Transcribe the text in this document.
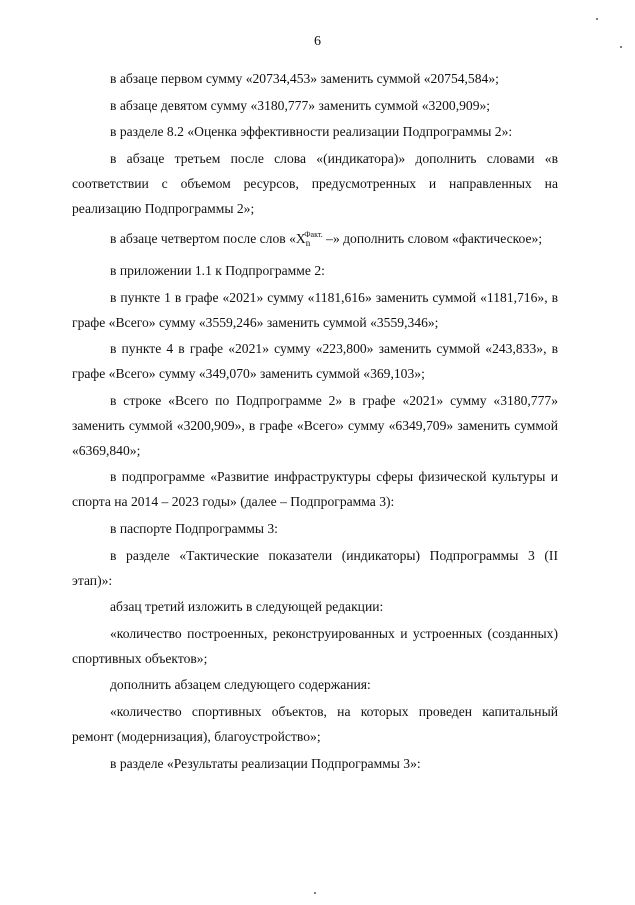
6

в абзаце первом сумму «20734,453» заменить суммой «20754,584»;

в абзаце девятом сумму «3180,777» заменить суммой «3200,909»;

в разделе 8.2 «Оценка эффективности реализации Подпрограммы 2»:

в абзаце третьем после слова «(индикатора)» дополнить словами «в соответствии с объемом ресурсов, предусмотренных и направленных на реализацию Подпрограммы 2»;

в абзаце четвертом после слов «$X_n^{Факт.}$ –» дополнить словом «фактическое»;

в приложении 1.1 к Подпрограмме 2:

в пункте 1 в графе «2021» сумму «1181,616» заменить суммой «1181,716», в графе «Всего» сумму «3559,246» заменить суммой «3559,346»;

в пункте 4 в графе «2021» сумму «223,800» заменить суммой «243,833», в графе «Всего» сумму «349,070» заменить суммой «369,103»;

в строке «Всего по Подпрограмме 2» в графе «2021» сумму «3180,777» заменить суммой «3200,909», в графе «Всего» сумму «6349,709» заменить суммой «6369,840»;

в подпрограмме «Развитие инфраструктуры сферы физической культуры и спорта на 2014 – 2023 годы» (далее – Подпрограмма 3):

в паспорте Подпрограммы 3:

в разделе «Тактические показатели (индикаторы) Подпрограммы 3 (II этап)»:

абзац третий изложить в следующей редакции:

«количество построенных, реконструированных и устроенных (созданных) спортивных объектов»;

дополнить абзацем следующего содержания:

«количество спортивных объектов, на которых проведен капитальный ремонт (модернизация), благоустройство»;

в разделе «Результаты реализации Подпрограммы 3»:
